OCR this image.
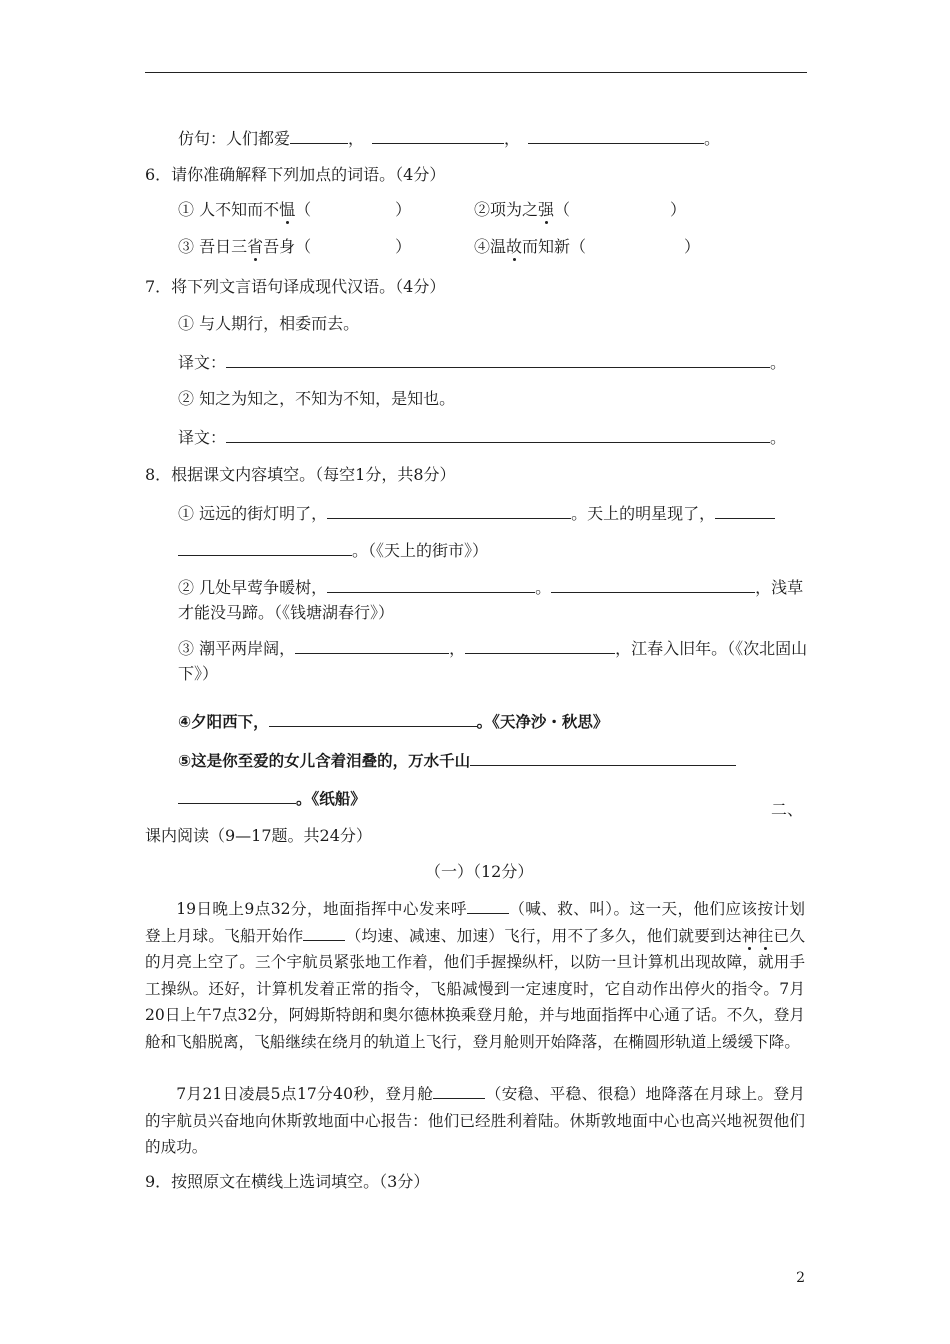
仿句：人们都爱	，	，	。
6．请你准确解释下列加点的词语。（4分）
① 人不知而不愠（	）	②项为之强（	）
③ 吾日三省吾身（	）	④温故而知新（	）
7．将下列文言语句译成现代汉语。（4分）
① 与人期行，相委而去。
译文：	。
② 知之为知之，不知为不知，是知也。
译文：	。
8．根据课文内容填空。（每空1分，共8分）
① 远远的街灯明了，	。天上的明星现了，
。（《天上的街市》）
② 几处早莺争暖树，	。	，浅草
才能没马蹄。（《钱塘湖春行》）
③ 潮平两岸阔，	，	，江春入旧年。（《次北固山
下》）
④夕阳西下，	。《天净沙・秋思》
⑤这是你至爱的女儿含着泪叠的，万水千山
。《纸船》
二、
课内阅读（9—17题。共24分）
（一）（12分）
19日晚上9点32分，地面指挥中心发来呼	（喊、救、叫）。这一天，他们应该按计划登上月球。飞船开始作	（均速、减速、加速）飞行，用不了多久，他们就要到达神往已久的月亮上空了。三个宇航员紧张地工作着，他们手握操纵杆，以防一旦计算机出现故障，就用手工操纵。还好，计算机发着正常的指令，飞船减慢到一定速度时，它自动作出停火的指令。7月20日上午7点32分，阿姆斯特朗和奥尔德林换乘登月舱，并与地面指挥中心通了话。不久，登月舱和飞船脱离，飞船继续在绕月的轨道上飞行，登月舱则开始降落，在椭圆形轨道上缓缓下降。
7月21日凌晨5点17分40秒，登月舱	（安稳、平稳、很稳）地降落在月球上。登月的宇航员兴奋地向休斯敦地面中心报告：他们已经胜利着陆。休斯敦地面中心也高兴地祝贺他们的成功。
9．按照原文在横线上选词填空。（3分）
2
